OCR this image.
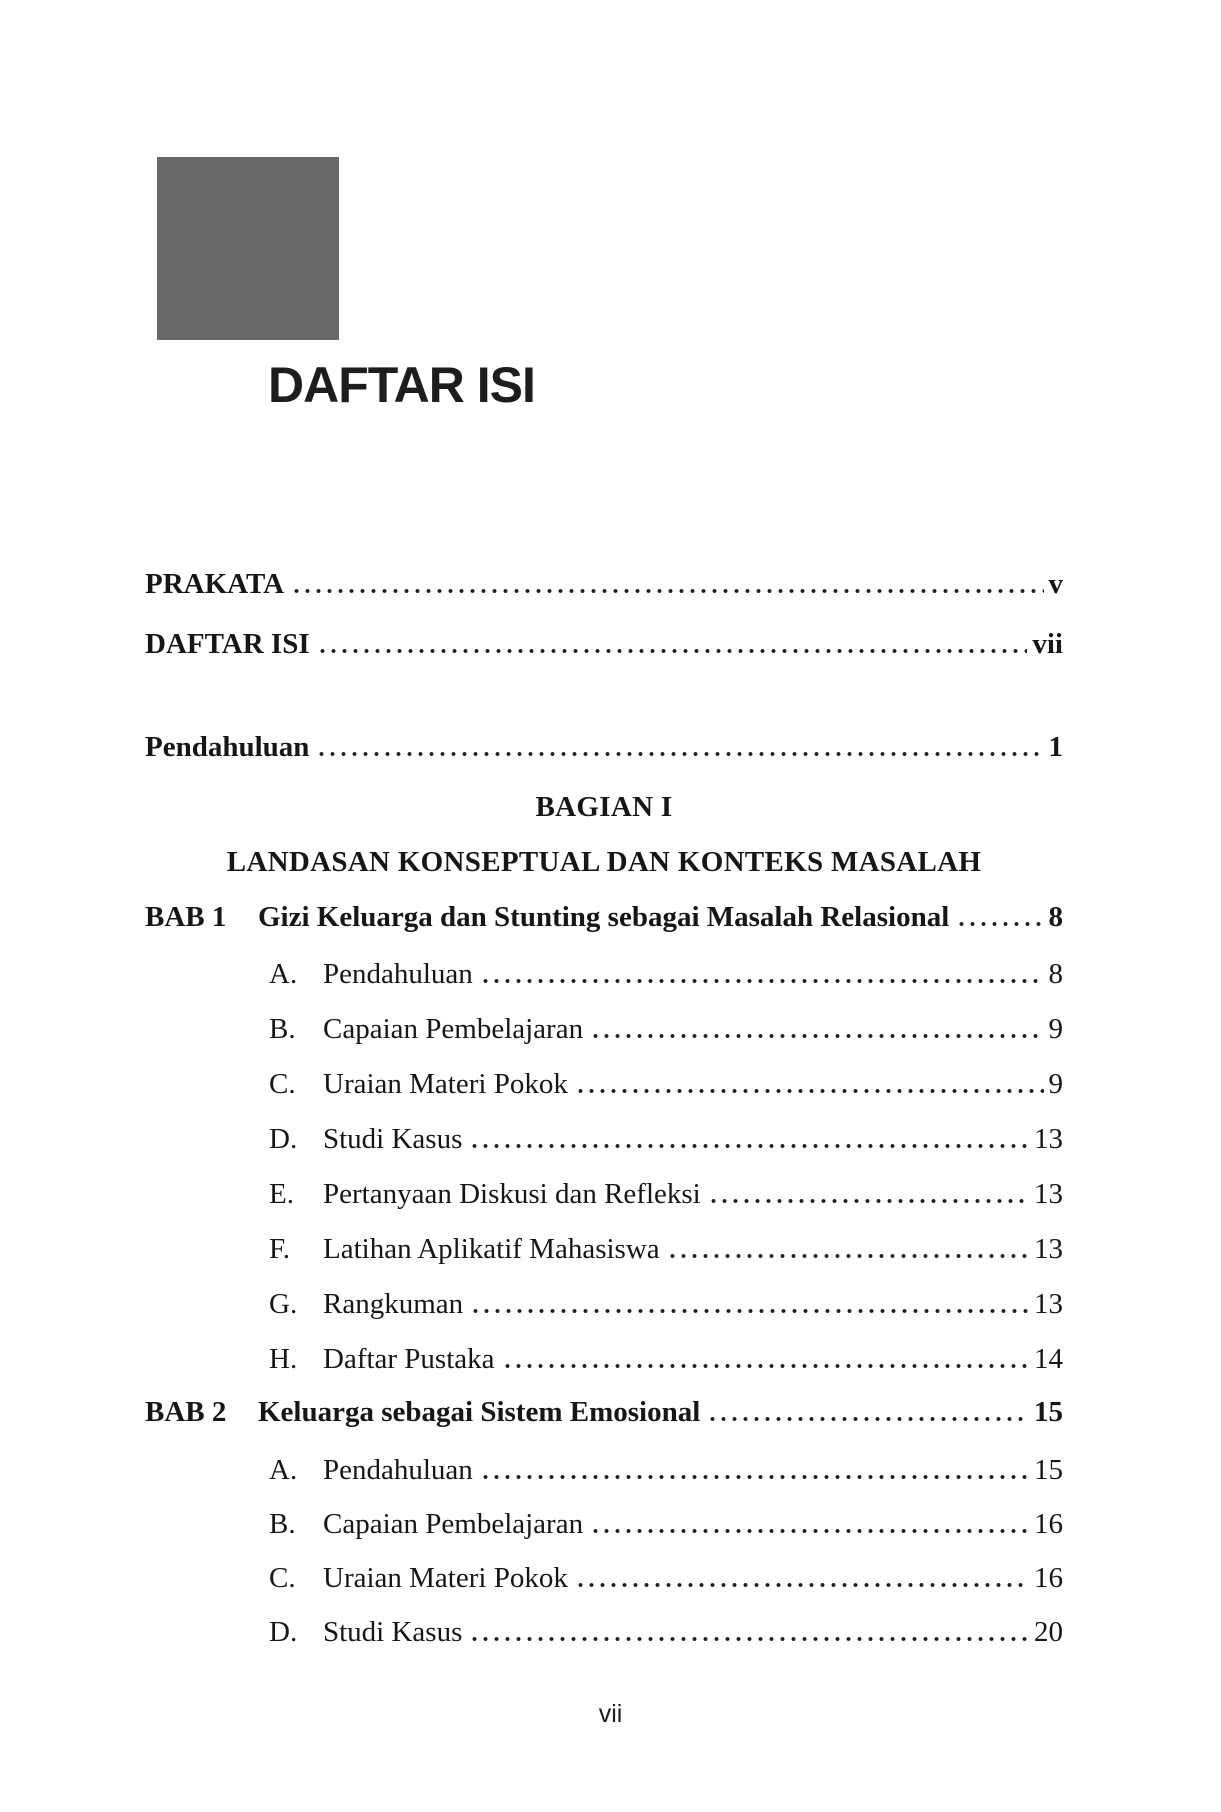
DAFTAR ISI
PRAKATA	v
DAFTAR ISI	vii
Pendahuluan	1
BAGIAN I
LANDASAN KONSEPTUAL DAN KONTEKS MASALAH
BAB 1	Gizi Keluarga dan Stunting sebagai Masalah Relasional	8
A. Pendahuluan	8
B. Capaian Pembelajaran	9
C. Uraian Materi Pokok	9
D. Studi Kasus	13
E.	Pertanyaan Diskusi dan Refleksi	13
F.	Latihan Aplikatif Mahasiswa	13
G. Rangkuman	13
H. Daftar Pustaka	14
BAB 2	Keluarga sebagai Sistem Emosional	15
A. Pendahuluan	15
B. Capaian Pembelajaran	16
C. Uraian Materi Pokok	16
D. Studi Kasus	20
vii
